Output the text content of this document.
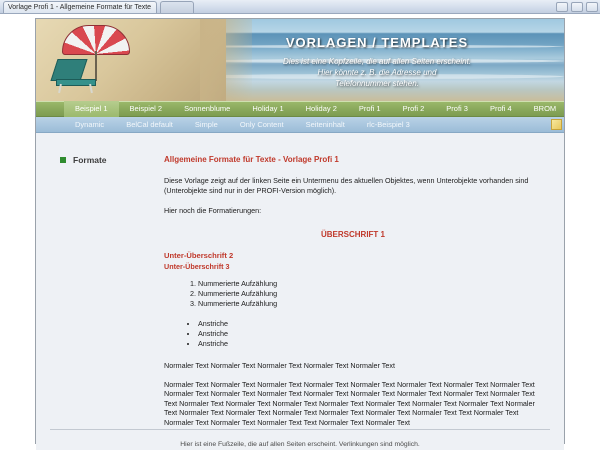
Vorlage Profi 1 - Allgemeine Formate für Texte
VORLAGEN / TEMPLATES
Dies ist eine Kopfzeile, die auf allen Seiten erscheint.
Hier könnte z. B. die Adresse und
Telefonnummer stehen.
Beispiel 1	Beispiel 2	Sonnenblume	Holiday 1	Holiday 2	Profi 1	Profi 2	Profi 3	Profi 4	BROM
Dynamic	BelCal default	Simple	Only Content	Seiteninhalt	rlc-Beispiel 3
Formate	Allgemeine Formate für Texte - Vorlage Profi 1
Diese Vorlage zeigt auf der linken Seite ein Untermenu des aktuellen Objektes, wenn Unterobjekte vorhanden sind (Unterobjekte sind nur in der PROFI-Version möglich).
Hier noch die Formatierungen:
ÜBERSCHRIFT 1
Unter-Überschrift 2
Unter-Überschrift 3
1. Nummerierte Aufzählung
2. Nummerierte Aufzählung
3. Nummerierte Aufzählung
• Anstriche
• Anstriche
• Anstriche
Normaler Text Normaler Text Normaler Text Normaler Text Normaler Text
Normaler Text Normaler Text Normaler Text Normaler Text Normaler Text Normaler Text Normaler Text Normaler Text Normaler Text Normaler Text Normaler Text Normaler Text Normaler Text Normaler Text Normaler Text Normaler Text Text Normaler Text Normaler Text Normaler Text Normaler Text Normaler Text Normaler Text Normaler Text Normaler Text Normaler Text Normaler Text Normaler Text Normaler Text Normaler Text Normaler Text Text Normaler Text Normaler Text Normaler Text Normaler Text Text Normaler Text Normaler Text
Hier ist eine Fußzeile, die auf allen Seiten erscheint. Verlinkungen sind möglich.
